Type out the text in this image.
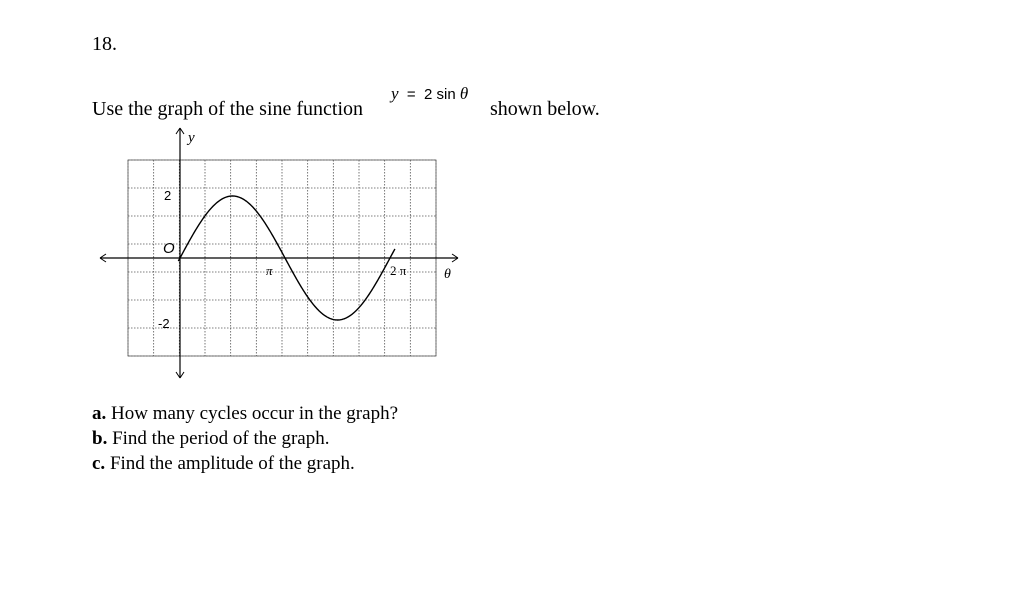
18.
Use the graph of the sine function
y = 2 sin θ
shown below.
y
θ
O
2
-2
π	2 π
a. How many cycles occur in the graph?
b. Find the period of the graph.
c. Find the amplitude of the graph.
